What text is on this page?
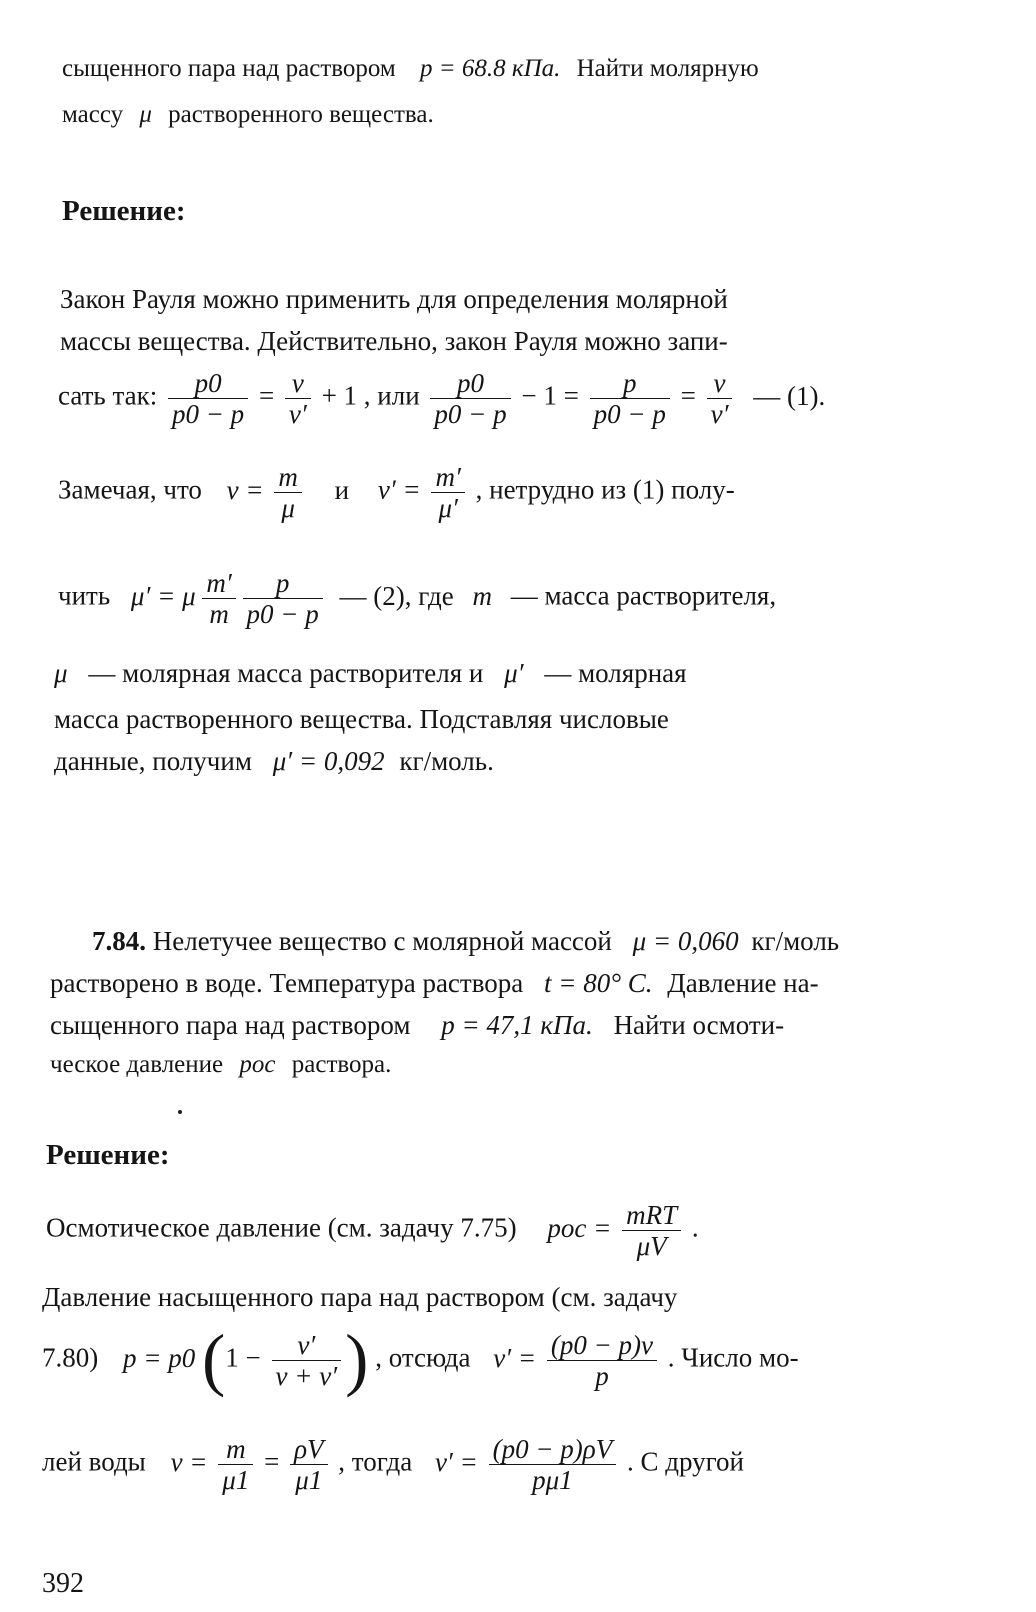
сыщенного пара над раствором p = 68.8 кПа. Найти молярную
массу μ растворенного вещества.
Решение:
Закон Рауля можно применить для определения молярной
массы вещества. Действительно, закон Рауля можно запи-
сать так: $\frac{p0}{p0 - p} = \frac{\nu}{\nu'} + 1$ , или $\frac{p0}{p0 - p} - 1 = \frac{p}{p0 - p} = \frac{\nu}{\nu'}$ — (1).
Замечая, что $\nu = \frac{m}{\mu}$ и $\nu' = \frac{m'}{\mu'}$ , нетрудно из (1) полу-
чить μ′ = μ $\frac{m'}{m}$
$\frac{p}{p0 - p}$ — (2), где m — масса растворителя,
μ — молярная масса растворителя и μ′ — молярная
масса растворенного вещества. Подставляя числовые
данные, получим μ′ = 0,092 кг/моль.
7.84. Нелетучее вещество с молярной массой μ = 0,060 кг/моль
растворено в воде. Температура раствора t = 80° С. Давление на-
сыщенного пара над раствором p = 47,1 кПа. Найти осмоти-
ческое давление pос раствора.
Решение:
Осмотическое давление (см. задачу 7.75) pос = $\frac{\text{mRT}}{\mu V}$ .
Давление насыщенного пара над раствором (см. задачу
7.80) p = p0 ($1 - \frac{\nu'}{\nu + \nu'}$ ) , отсюда $\nu' = \frac{(p0 - p)\nu}{p}$ . Число мо-
лей воды $\nu = \frac{m}{\mu 1} = \frac{\rho V}{\mu 1}$ , тогда $\nu' = \frac{(p0 - p)\rho V}{p\mu 1}$ . С другой
392
